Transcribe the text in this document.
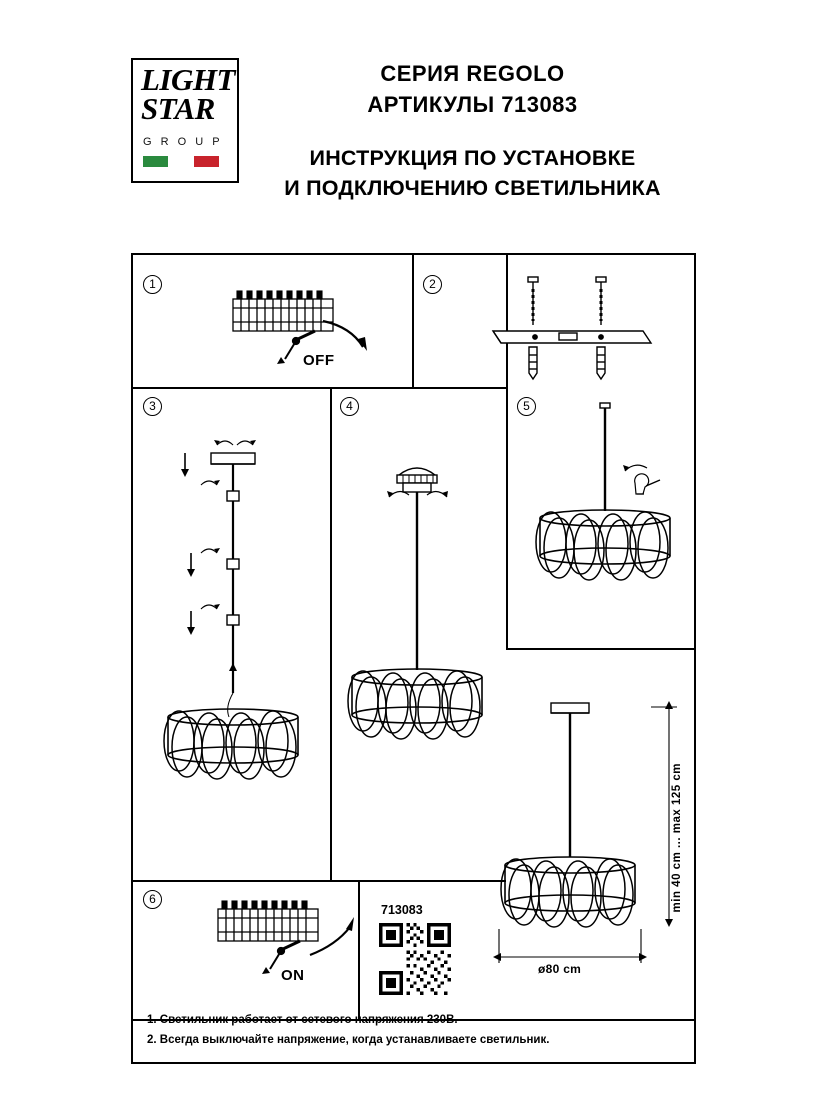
LIGHT
STAR
G R O U P
СЕРИЯ REGOLO
АРТИКУЛЫ 713083
ИНСТРУКЦИЯ ПО УСТАНОВКЕ
И ПОДКЛЮЧЕНИЮ СВЕТИЛЬНИКА
1
OFF
2
3	4	5
6
ON
min 40 cm ... max 125 cm
ø80 cm
713083
1. Светильник работает от сетевого напряжения 230В.
2. Всегда выключайте напряжение, когда устанавливаете светильник.
